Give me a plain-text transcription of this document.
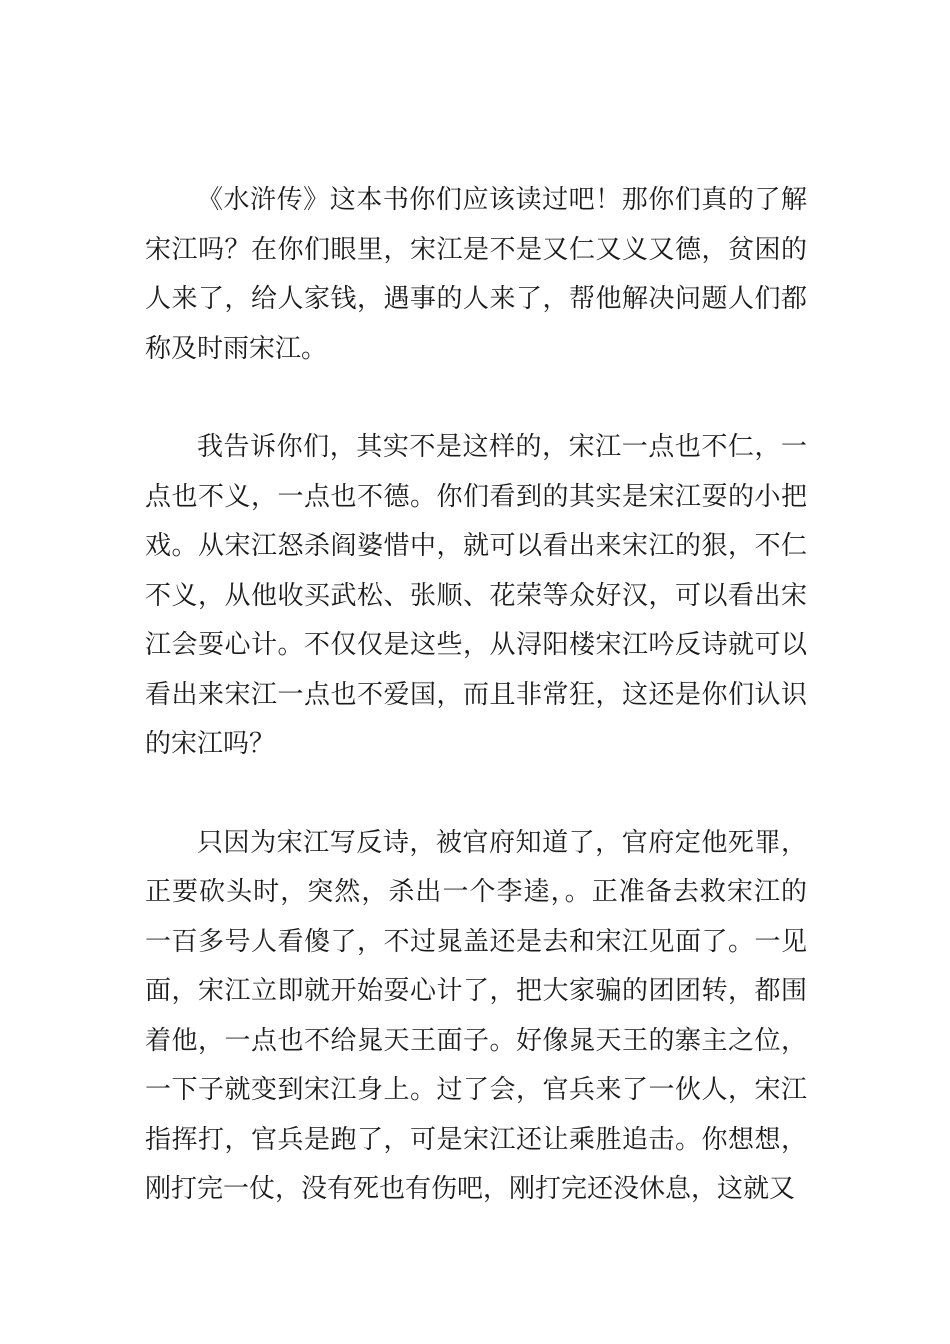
《水浒传》这本书你们应该读过吧！那你们真的了解宋江吗？在你们眼里，宋江是不是又仁又义又德，贫困的人来了，给人家钱，遇事的人来了，帮他解决问题人们都称及时雨宋江。

我告诉你们，其实不是这样的，宋江一点也不仁，一点也不义，一点也不德。你们看到的其实是宋江耍的小把戏。从宋江怒杀阎婆惜中，就可以看出来宋江的狠，不仁不义，从他收买武松、张顺、花荣等众好汉，可以看出宋江会耍心计。不仅仅是这些，从浔阳楼宋江吟反诗就可以看出来宋江一点也不爱国，而且非常狂，这还是你们认识的宋江吗？

只因为宋江写反诗，被官府知道了，官府定他死罪，正要砍头时，突然，杀出一个李逵，。正准备去救宋江的一百多号人看傻了，不过晁盖还是去和宋江见面了。一见面，宋江立即就开始耍心计了，把大家骗的团团转，都围着他，一点也不给晁天王面子。好像晁天王的寨主之位，一下子就变到宋江身上。过了会，官兵来了一伙人，宋江指挥打，官兵是跑了，可是宋江还让乘胜追击。你想想，刚打完一仗，没有死也有伤吧，刚打完还没休息，这就又
